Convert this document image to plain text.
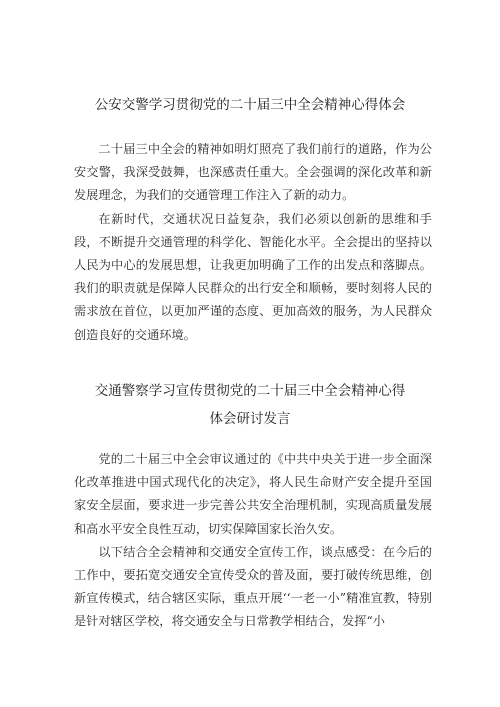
公安交警学习贯彻党的二十届三中全会精神心得体会

二十届三中全会的精神如明灯照亮了我们前行的道路，作为公安交警，我深受鼓舞，也深感责任重大。全会强调的深化改革和新发展理念，为我们的交通管理工作注入了新的动力。

在新时代，交通状况日益复杂，我们必须以创新的思维和手段，不断提升交通管理的科学化、智能化水平。全会提出的坚持以人民为中心的发展思想，让我更加明确了工作的出发点和落脚点。我们的职责就是保障人民群众的出行安全和顺畅，要时刻将人民的需求放在首位，以更加严谨的态度、更加高效的服务，为人民群众创造良好的交通环境。

交通警察学习宣传贯彻党的二十届三中全会精神心得
体会研讨发言

党的二十届三中全会审议通过的《中共中央关于进一步全面深化改革推进中国式现代化的决定》，将人民生命财产安全提升至国家安全层面，要求进一步完善公共安全治理机制，实现高质量发展和高水平安全良性互动，切实保障国家长治久安。

以下结合全会精神和交通安全宣传工作，谈点感受：在今后的工作中，要拓宽交通安全宣传受众的普及面，要打破传统思维，创新宣传模式，结合辖区实际，重点开展‘‘一老一小”精准宣教，特别是针对辖区学校，将交通安全与日常教学相结合，发挥“小
